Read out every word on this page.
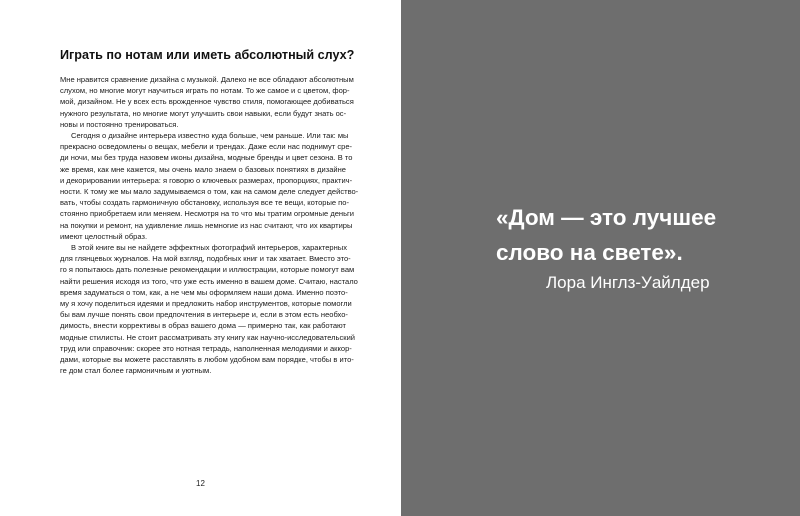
Играть по нотам или иметь абсолютный слух?

Мне нравится сравнение дизайна с музыкой. Далеко не все обладают абсолютным
слухом, но многие могут научиться играть по нотам. То же самое и с цветом, фор-
мой, дизайном. Не у всех есть врожденное чувство стиля, помогающее добиваться
нужного результата, но многие могут улучшить свои навыки, если будут знать ос-
новы и постоянно тренироваться.

Сегодня о дизайне интерьера известно куда больше, чем раньше. Или так: мы
прекрасно осведомлены о вещах, мебели и трендах. Даже если нас поднимут сре-
ди ночи, мы без труда назовем иконы дизайна, модные бренды и цвет сезона. В то
же время, как мне кажется, мы очень мало знаем о базовых понятиях в дизайне
и декорировании интерьера: я говорю о ключевых размерах, пропорциях, практич-
ности. К тому же мы мало задумываемся о том, как на самом деле следует действо-
вать, чтобы создать гармоничную обстановку, используя все те вещи, которые по-
стоянно приобретаем или меняем. Несмотря на то что мы тратим огромные деньги
на покупки и ремонт, на удивление лишь немногие из нас считают, что их квартиры
имеют целостный образ.

В этой книге вы не найдете эффектных фотографий интерьеров, характерных
для глянцевых журналов. На мой взгляд, подобных книг и так хватает. Вместо это-
го я попытаюсь дать полезные рекомендации и иллюстрации, которые помогут вам
найти решения исходя из того, что уже есть именно в вашем доме. Считаю, насталo
время задуматься о том, как, а не чем мы оформляем наши дома. Именно поэто-
му я хочу поделиться идеями и предложить набор инструментов, которые помогли
бы вам лучше понять свои предпочтения в интерьере и, если в этом есть необхо-
димость, внести коррективы в образ вашего дома — примерно так, как работают
модные стилисты. Не стоит рассматривать эту книгу как научно-исследовательский
труд или справочник: скорее это нотная тетрадь, наполненная мелодиями и аккор-
дами, которые вы можете расставлять в любом удобном вам порядке, чтобы в ито-
ге дом стал более гармоничным и уютным.

12
«Дом — это лучшее
слово на свете».
Лора Инглз-Уайлдер
